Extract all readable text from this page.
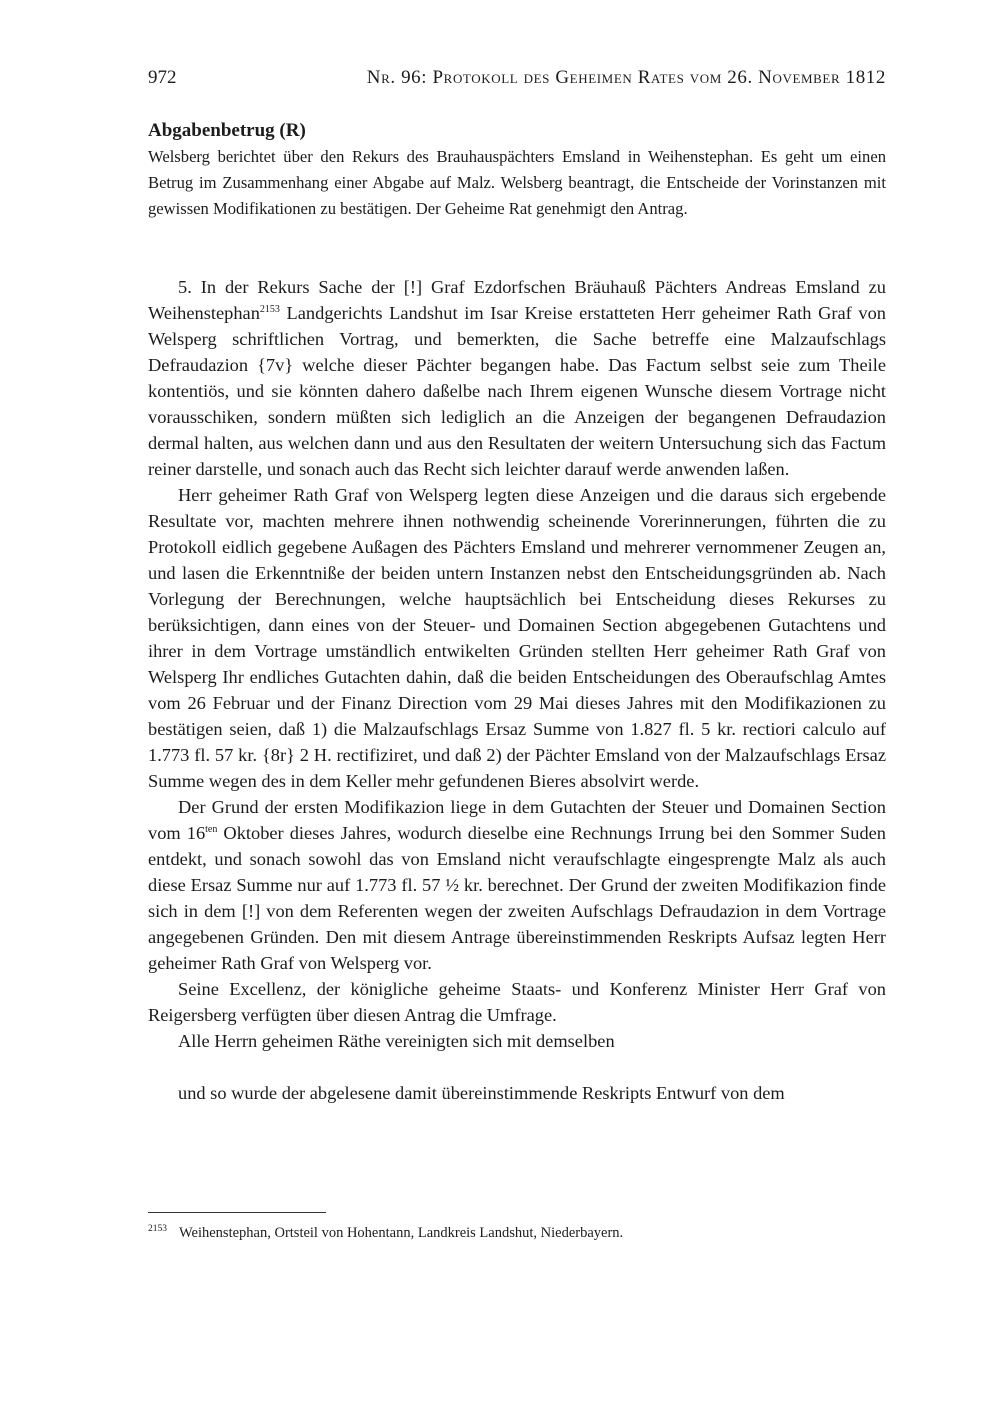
972	Nr. 96: Protokoll des Geheimen Rates vom 26. November 1812

Abgabenbetrug (R)

Welsberg berichtet über den Rekurs des Brauhauspächters Emsland in Weihenstephan. Es geht um einen Betrug im Zusammenhang einer Abgabe auf Malz. Welsberg beantragt, die Entscheide der Vorinstanzen mit gewissen Modifikationen zu bestätigen. Der Geheime Rat genehmigt den Antrag.

5. In der Rekurs Sache der [!] Graf Ezdorfschen Bräuhauß Pächters Andreas Emsland zu Weihenstephan$^{2153}$ Landgerichts Landshut im Isar Kreise erstatteten Herr geheimer Rath Graf von Welsperg schriftlichen Vortrag, und bemerkten, die Sache betreffe eine Malzaufschlags Defraudazion {7v} welche dieser Pächter begangen habe. Das Factum selbst seie zum Theile kontentiös, und sie könnten dahero daßelbe nach Ihrem eigenen Wunsche diesem Vortrage nicht vorausschiken, sondern müßten sich lediglich an die Anzeigen der begangenen Defraudazion dermal halten, aus welchen dann und aus den Resultaten der weitern Untersuchung sich das Factum reiner darstelle, und sonach auch das Recht sich leichter darauf werde anwenden laßen.

Herr geheimer Rath Graf von Welsperg legten diese Anzeigen und die daraus sich ergebende Resultate vor, machten mehrere ihnen nothwendig scheinende Vorerinnerungen, führten die zu Protokoll eidlich gegebene Außagen des Pächters Emsland und mehrerer vernommener Zeugen an, und lasen die Erkenntniße der beiden untern Instanzen nebst den Entscheidungsgründen ab. Nach Vorlegung der Berechnungen, welche hauptsächlich bei Entscheidung dieses Rekurses zu berüksichtigen, dann eines von der Steuer- und Domainen Section abgegebenen Gutachtens und ihrer in dem Vortrage umständlich entwikelten Gründen stellten Herr geheimer Rath Graf von Welsperg Ihr endliches Gutachten dahin, daß die beiden Entscheidungen des Oberaufschlag Amtes vom 26 Februar und der Finanz Direction vom 29 Mai dieses Jahres mit den Modifikazionen zu bestätigen seien, daß 1) die Malzaufschlags Ersaz Summe von 1.827 fl. 5 kr. rectiori calculo auf 1.773 fl. 57 kr. {8r} 2 H. rectifiziret, und daß 2) der Pächter Emsland von der Malzaufschlags Ersaz Summe wegen des in dem Keller mehr gefundenen Bieres absolvirt werde.

Der Grund der ersten Modifikazion liege in dem Gutachten der Steuer und Domainen Section vom $16^{ten}$ Oktober dieses Jahres, wodurch dieselbe eine Rechnungs Irrung bei den Sommer Suden entdekt, und sonach sowohl das von Emsland nicht veraufschlagte eingesprengte Malz als auch diese Ersaz Summe nur auf 1.773 fl. 57 ½ kr. berechnet. Der Grund der zweiten Modifikazion finde sich in dem [!] von dem Referenten wegen der zweiten Aufschlags Defraudazion in dem Vortrage angegebenen Gründen. Den mit diesem Antrage übereinstimmenden Reskripts Aufsaz legten Herr geheimer Rath Graf von Welsperg vor.

Seine Excellenz, der königliche geheime Staats- und Konferenz Minister Herr Graf von Reigersberg verfügten über diesen Antrag die Umfrage.

Alle Herrn geheimen Räthe vereinigten sich mit demselben

und so wurde der abgelesene damit übereinstimmende Reskripts Entwurf von dem

$^{2153}$ Weihenstephan, Ortsteil von Hohentann, Landkreis Landshut, Niederbayern.
